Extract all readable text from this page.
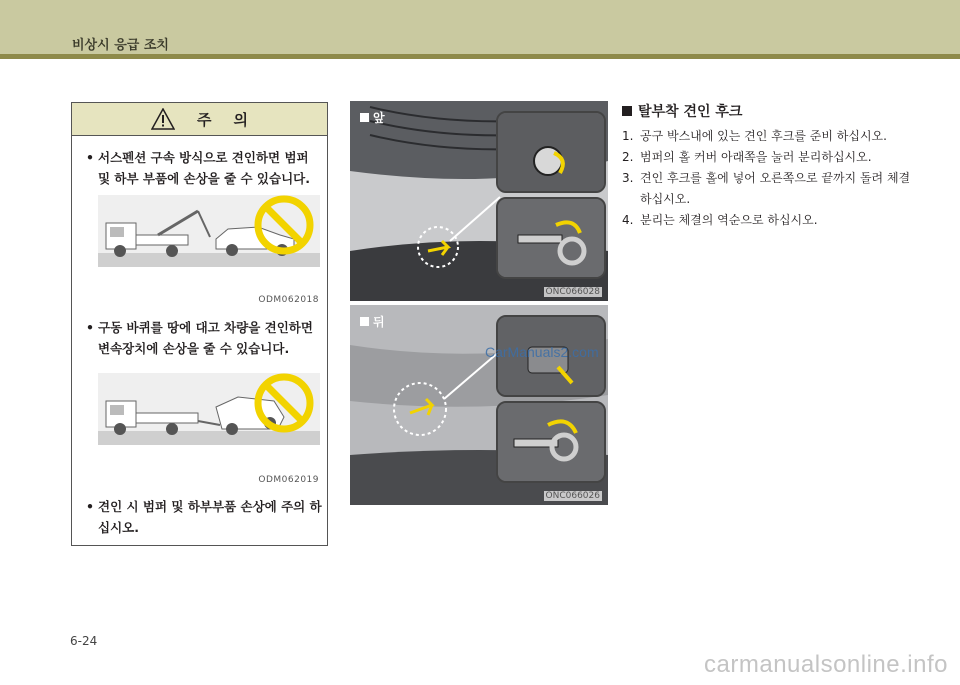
비상시 응급 조치
주 의
• 서스펜션 구속 방식으로 견인하면 범퍼 및 하부 부품에 손상을 줄 수 있습니다.
ODM062018
• 구동 바퀴를 땅에 대고 차량을 견인하면 변속장치에 손상을 줄 수 있습니다.
ODM062019
• 견인 시 범퍼 및 하부부품 손상에 주의 하십시오.
앞
ONC066028
뒤
ONC066026
CarManuals2.com
탈부착 견인 후크
1. 공구 박스내에 있는 견인 후크를 준비 하십시오.
2. 범퍼의 홀 커버 아래쪽을 눌러 분리하십시오.
3. 견인 후크를 홀에 넣어 오른쪽으로 끝까지 돌려 체결하십시오.
4. 분리는 체결의 역순으로 하십시오.
6-24
carmanualsonline.info
